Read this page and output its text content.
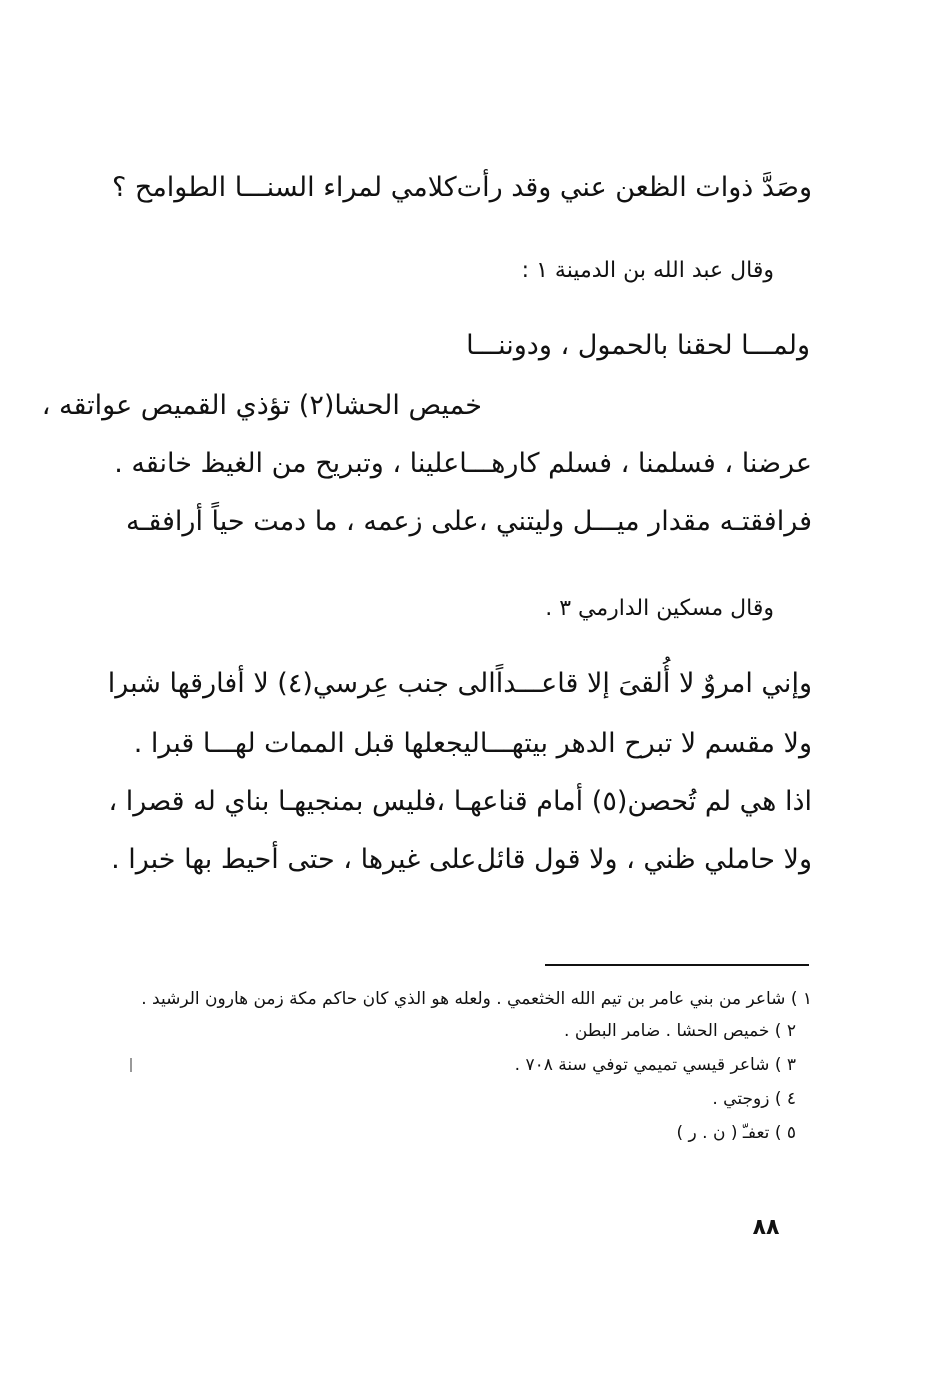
وصَدَّ ذوات الظعن عني وقد رأت
كلامي لمراء السنـــا الطوامح ؟
وقال عبد الله بن الدمينة ١ :
ولمـــا لحقنا بالحمول ، ودوننـــا
خميص الحشا(٢) تؤذي القميص عواتقه ،
عرضنا ، فسلمنا ، فسلم كارهـــا
علينا ، وتبريح من الغيظ خانقه .
فرافقتـه مقدار ميـــل وليتني ،
على زعمه ، ما دمت حياً أرافقـه
وقال مسكين الدارمي ٣ .
وإني امروٌ لا أُلقىَ إلا قاعـــداً
الى جنب عِرسي(٤) لا أفارقها شبرا
ولا مقسم لا تبرح الدهر بيتهـــا
ليجعلها قبل الممات لهـــا قبرا .
اذا هي لم تُحصن(٥) أمام قناعهـا ،
فليس بمنجيهـا بناي له قصرا ،
ولا حاملي ظني ، ولا قول قائل
على غيرها ، حتى أحيط بها خبرا .
١ ) شاعر من بني عامر بن تيم الله الخثعمي . ولعله هو الذي كان حاكم مكة زمن هارون الرشيد .
٢ ) خميص الحشا . ضامر البطن .
٣ ) شاعر قيسي تميمي توفي سنة ٧٠٨ .
٤ ) زوجتي .
٥ ) تعفـّ ( ن . ر )
٨٨
